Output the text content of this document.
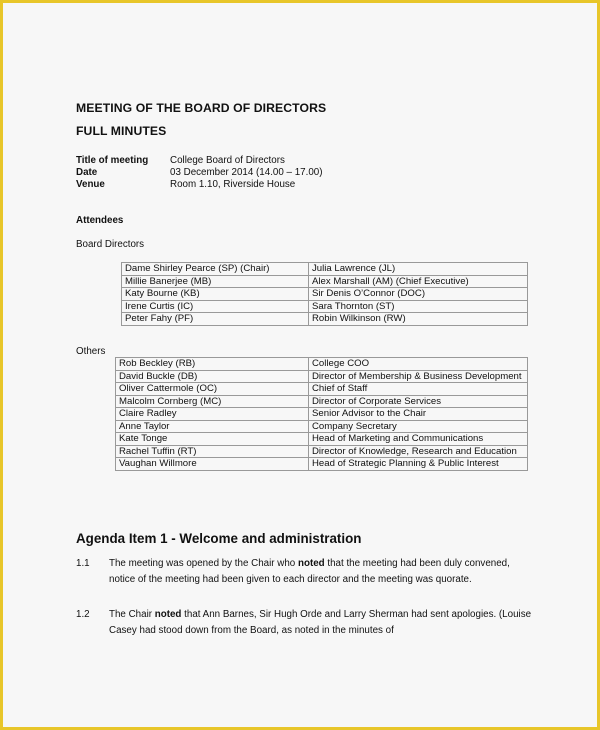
MEETING OF THE BOARD OF DIRECTORS
FULL MINUTES
Title of meeting	College Board of Directors
Date	03 December 2014 (14.00 – 17.00)
Venue	Room 1.10, Riverside House
Attendees
Board Directors
Dame Shirley Pearce (SP) (Chair)	Julia Lawrence (JL)
Millie Banerjee (MB)	Alex Marshall (AM) (Chief Executive)
Katy Bourne (KB)	Sir Denis O’Connor (DOC)
Irene Curtis (IC)	Sara Thornton (ST)
Peter Fahy (PF)	Robin Wilkinson (RW)
Others
Rob Beckley (RB)	College COO
David Buckle (DB)	Director of Membership & Business Development
Oliver Cattermole (OC)	Chief of Staff
Malcolm Cornberg (MC)	Director of Corporate Services
Claire Radley	Senior Advisor to the Chair
Anne Taylor	Company Secretary
Kate Tonge	Head of Marketing and Communications
Rachel Tuffin (RT)	Director of Knowledge, Research and Education
Vaughan Willmore	Head of Strategic Planning & Public Interest
Agenda Item 1 - Welcome and administration
1.1 The meeting was opened by the Chair who noted that the meeting had been duly convened, notice of the meeting had been given to each director and the meeting was quorate.
1.2 The Chair noted that Ann Barnes, Sir Hugh Orde and Larry Sherman had sent apologies. (Louise Casey had stood down from the Board, as noted in the minutes of
